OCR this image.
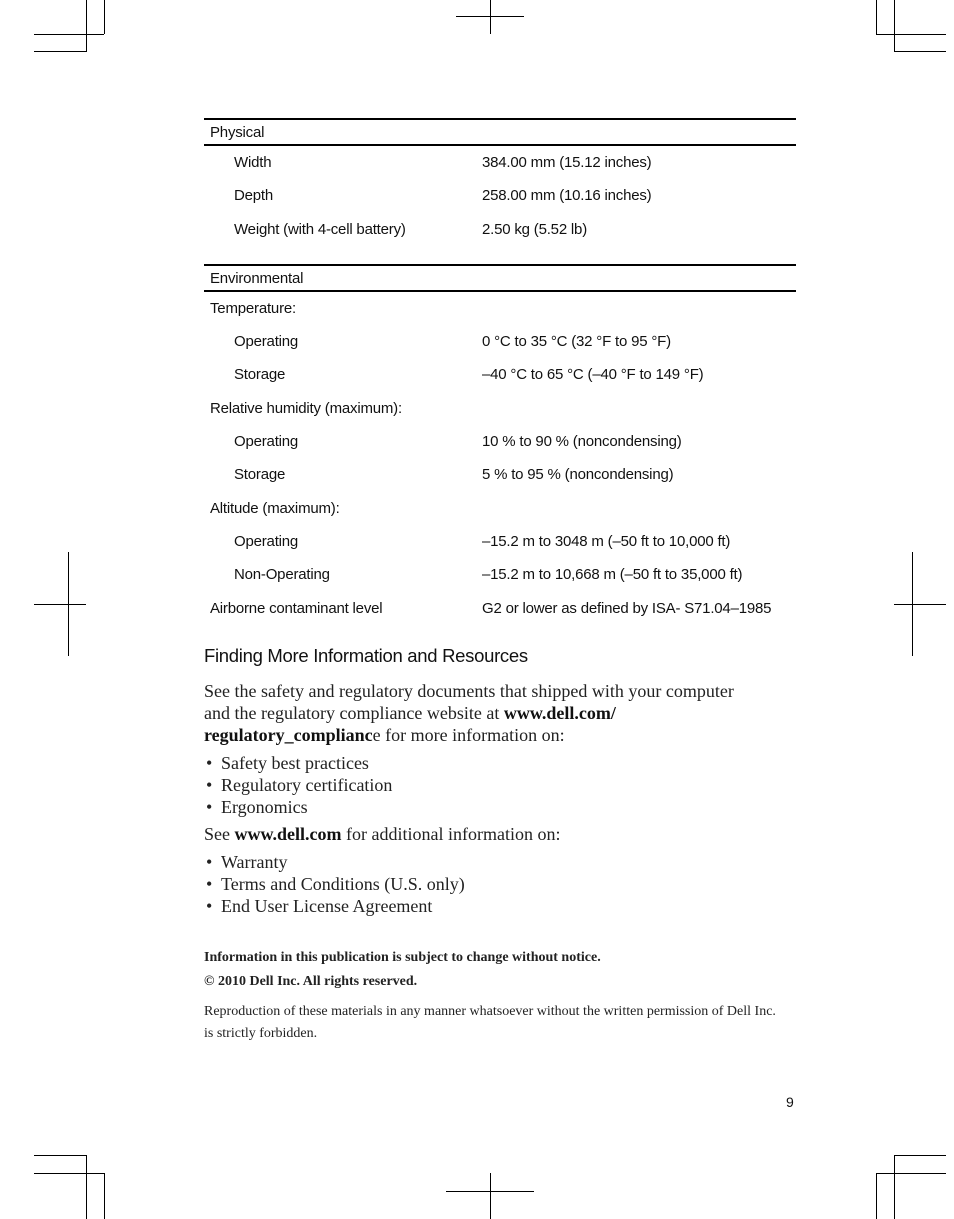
Physical
Width	384.00 mm (15.12 inches)
Depth	258.00 mm (10.16 inches)
Weight (with 4-cell battery)	2.50 kg (5.52 lb)
Environmental
Temperature:
Operating	0 °C to 35 °C (32 °F to 95 °F)
Storage	–40 °C to 65 °C (–40 °F to 149 °F)
Relative humidity (maximum):
Operating	10 % to 90 % (noncondensing)
Storage	5 % to 95 % (noncondensing)
Altitude (maximum):
Operating	–15.2 m to 3048 m (–50 ft to 10,000 ft)
Non-Operating	–15.2 m to 10,668 m (–50 ft to 35,000 ft)
Airborne contaminant level	G2 or lower as defined by ISA- S71.04–1985
Finding More Information and Resources
See the safety and regulatory documents that shipped with your computer
and the regulatory compliance website at www.dell.com/
regulatory_compliance for more information on:
• Safety best practices
• Regulatory certification
• Ergonomics
See www.dell.com for additional information on:
• Warranty
• Terms and Conditions (U.S. only)
• End User License Agreement
Information in this publication is subject to change without notice.
© 2010 Dell Inc. All rights reserved.
Reproduction of these materials in any manner whatsoever without the written permission of Dell Inc. is strictly forbidden.
9
